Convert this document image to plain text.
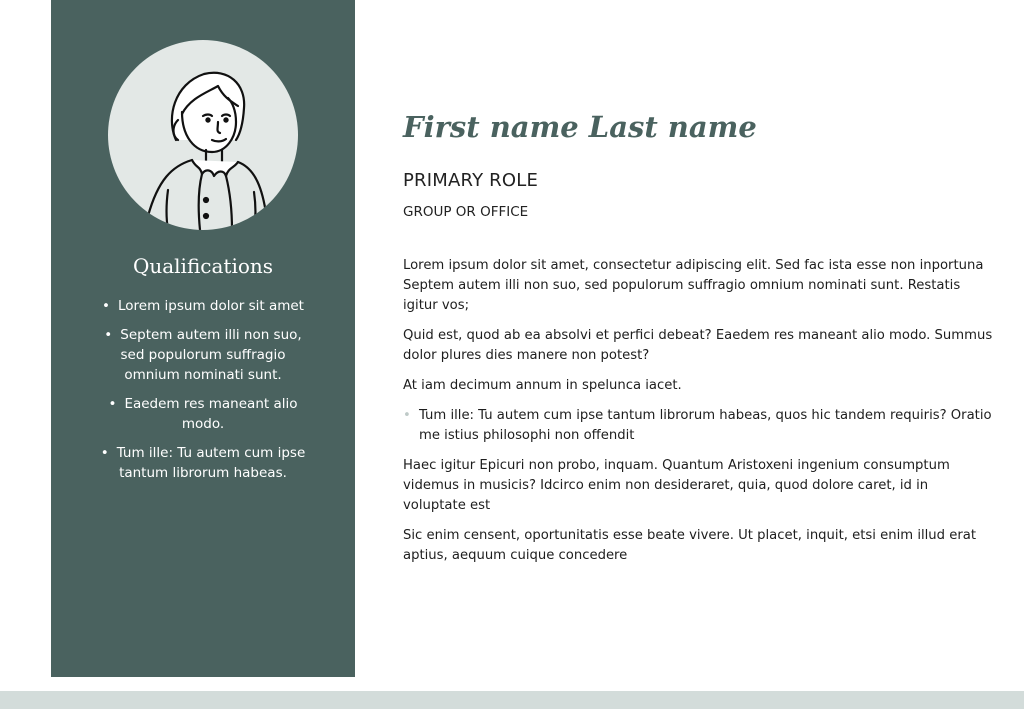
Qualifications
• Lorem ipsum dolor sit amet
• Septem autem illi non suo, sed populorum suffragio omnium nominati sunt.
• Eaedem res maneant alio modo.
• Tum ille: Tu autem cum ipse tantum librorum habeas.
First name Last name
PRIMARY ROLE
GROUP OR OFFICE

Lorem ipsum dolor sit amet, consectetur adipiscing elit. Sed fac ista esse non inportuna Septem autem illi non suo, sed populorum suffragio omnium nominati sunt. Restatis igitur vos;

Quid est, quod ab ea absolvi et perfici debeat? Eaedem res maneant alio modo. Summus dolor plures dies manere non potest?

At iam decimum annum in spelunca iacet.

• Tum ille: Tu autem cum ipse tantum librorum habeas, quos hic tandem requiris? Oratio me istius philosophi non offendit

Haec igitur Epicuri non probo, inquam. Quantum Aristoxeni ingenium consumptum videmus in musicis? Idcirco enim non desideraret, quia, quod dolore caret, id in voluptate est

Sic enim censent, oportunitatis esse beate vivere. Ut placet, inquit, etsi enim illud erat aptius, aequum cuique concedere
